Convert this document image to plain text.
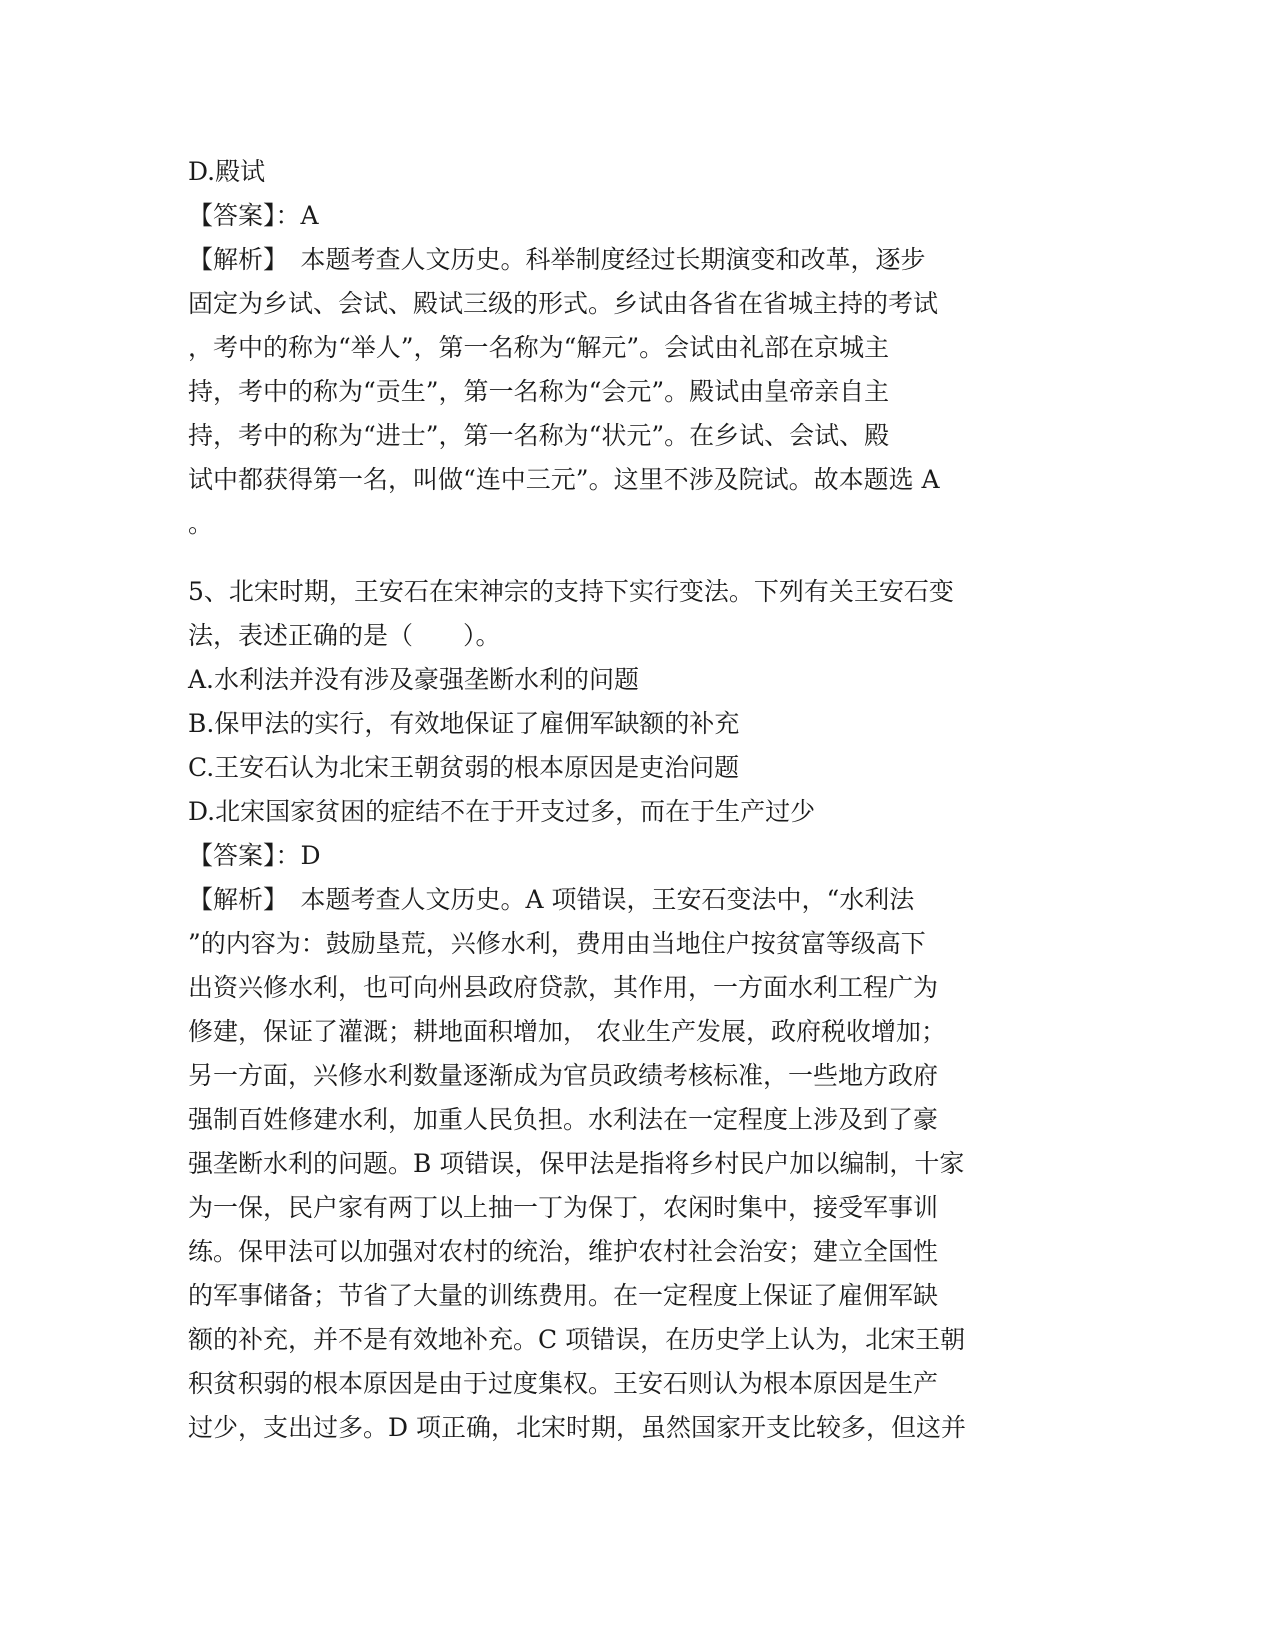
D.殿试
【答案】：A
【解析】　本题考查人文历史。科举制度经过长期演变和改革，逐步
固定为乡试、会试、殿试三级的形式。乡试由各省在省城主持的考试
，考中的称为“举人”，第一名称为“解元”。会试由礼部在京城主
持，考中的称为“贡生”，第一名称为“会元”。殿试由皇帝亲自主
持，考中的称为“进士”，第一名称为“状元”。在乡试、会试、殿
试中都获得第一名，叫做“连中三元”。这里不涉及院试。故本题选 A
。
5、北宋时期，王安石在宋神宗的支持下实行变法。下列有关王安石变
法，表述正确的是（　　）。
A.水利法并没有涉及豪强垄断水利的问题
B.保甲法的实行，有效地保证了雇佣军缺额的补充
C.王安石认为北宋王朝贫弱的根本原因是吏治问题
D.北宋国家贫困的症结不在于开支过多，而在于生产过少
【答案】：D
【解析】　本题考查人文历史。A 项错误，王安石变法中，“水利法
”的内容为：鼓励垦荒，兴修水利，费用由当地住户按贫富等级高下
出资兴修水利，也可向州县政府贷款，其作用，一方面水利工程广为
修建，保证了灌溉；耕地面积增加， 农业生产发展，政府税收增加；
另一方面，兴修水利数量逐渐成为官员政绩考核标准，一些地方政府
强制百姓修建水利，加重人民负担。水利法在一定程度上涉及到了豪
强垄断水利的问题。B 项错误，保甲法是指将乡村民户加以编制，十家
为一保，民户家有两丁以上抽一丁为保丁，农闲时集中，接受军事训
练。保甲法可以加强对农村的统治，维护农村社会治安；建立全国性
的军事储备；节省了大量的训练费用。在一定程度上保证了雇佣军缺
额的补充，并不是有效地补充。C 项错误，在历史学上认为，北宋王朝
积贫积弱的根本原因是由于过度集权。王安石则认为根本原因是生产
过少，支出过多。D 项正确，北宋时期，虽然国家开支比较多，但这并
